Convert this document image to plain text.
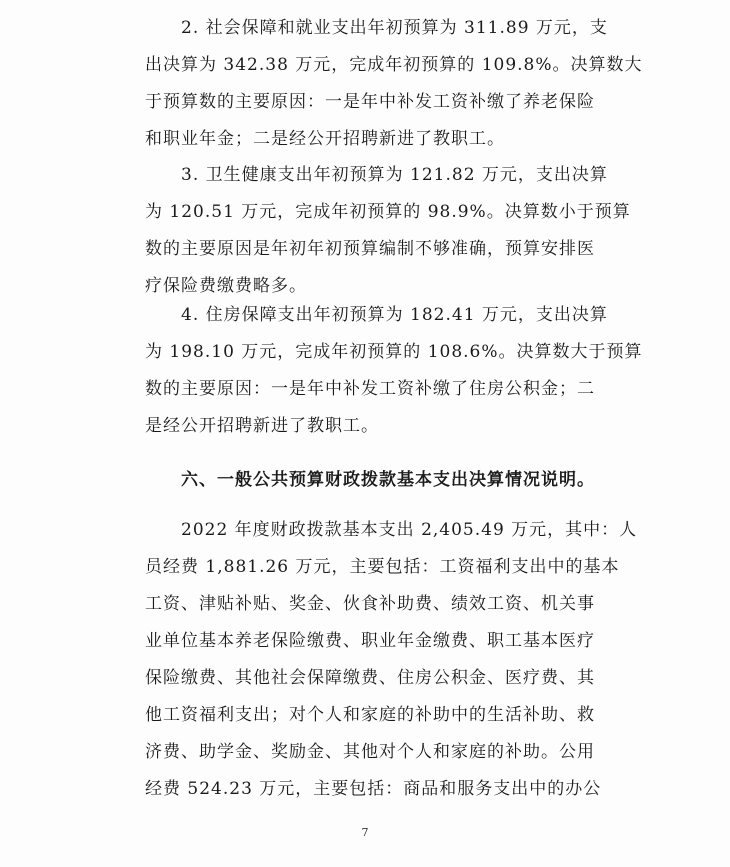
2. 社会保障和就业支出年初预算为 311.89 万元，支
出决算为 342.38 万元，完成年初预算的 109.8%。决算数大
于预算数的主要原因：一是年中补发工资补缴了养老保险
和职业年金；二是经公开招聘新进了教职工。

3. 卫生健康支出年初预算为 121.82 万元，支出决算
为 120.51 万元，完成年初预算的 98.9%。决算数小于预算
数的主要原因是年初年初预算编制不够准确，预算安排医
疗保险费缴费略多。

4. 住房保障支出年初预算为 182.41 万元，支出决算
为 198.10 万元，完成年初预算的 108.6%。决算数大于预算
数的主要原因：一是年中补发工资补缴了住房公积金；二
是经公开招聘新进了教职工。

六、一般公共预算财政拨款基本支出决算情况说明。

2022 年度财政拨款基本支出 2,405.49 万元，其中：人
员经费 1,881.26 万元，主要包括：工资福利支出中的基本
工资、津贴补贴、奖金、伙食补助费、绩效工资、机关事
业单位基本养老保险缴费、职业年金缴费、职工基本医疗
保险缴费、其他社会保障缴费、住房公积金、医疗费、其
他工资福利支出；对个人和家庭的补助中的生活补助、救
济费、助学金、奖励金、其他对个人和家庭的补助。公用
经费 524.23 万元，主要包括：商品和服务支出中的办公

7
